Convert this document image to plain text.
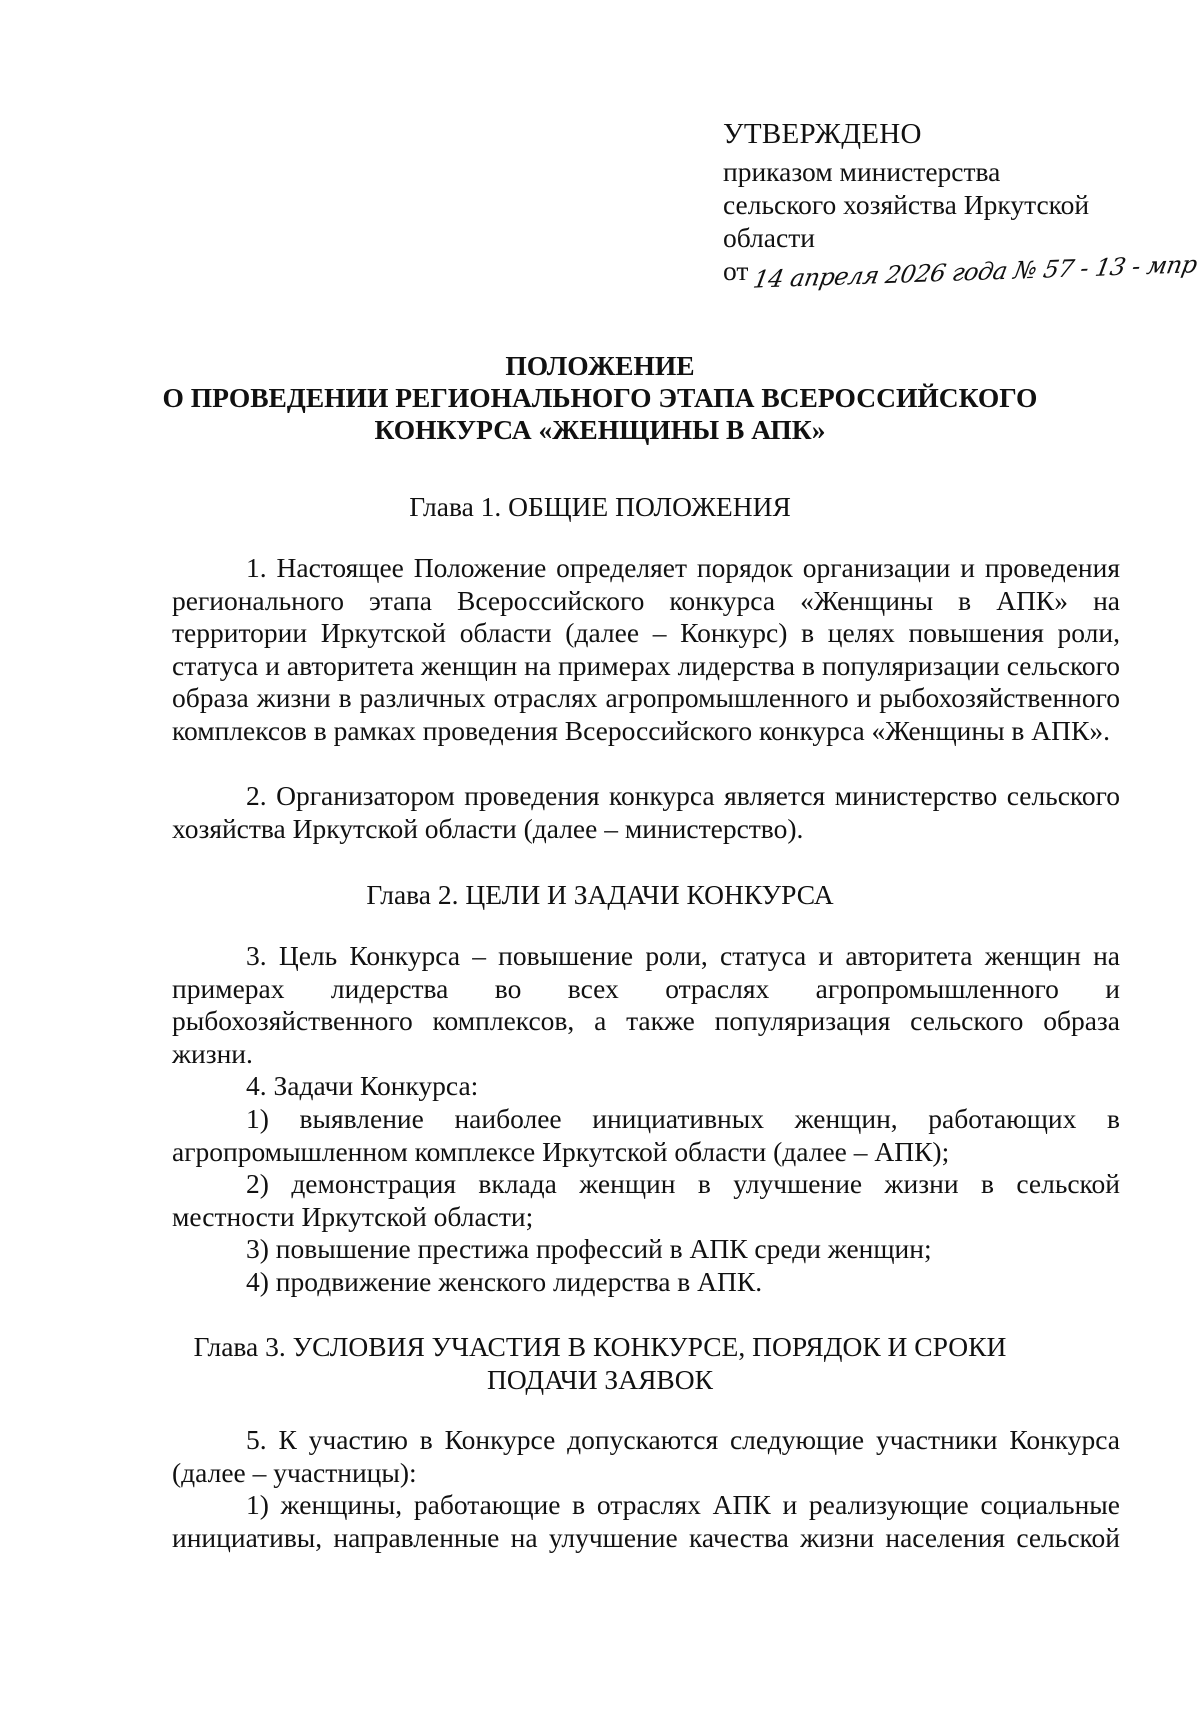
УТВЕРЖДЕНО
приказом министерства
сельского хозяйства Иркутской
области
от 14 апреля 2026 года № 57 - 13 - мпр
ПОЛОЖЕНИЕ
О ПРОВЕДЕНИИ РЕГИОНАЛЬНОГО ЭТАПА ВСЕРОССИЙСКОГО
КОНКУРСА «ЖЕНЩИНЫ В АПК»
Глава 1. ОБЩИЕ ПОЛОЖЕНИЯ
1. Настоящее Положение определяет порядок организации и проведения регионального этапа Всероссийского конкурса «Женщины в АПК» на территории Иркутской области (далее – Конкурс) в целях повышения роли, статуса и авторитета женщин на примерах лидерства в популяризации сельского образа жизни в различных отраслях агропромышленного и рыбохозяйственного комплексов в рамках проведения Всероссийского конкурса «Женщины в АПК».
2. Организатором проведения конкурса является министерство сельского хозяйства Иркутской области (далее – министерство).
Глава 2. ЦЕЛИ И ЗАДАЧИ КОНКУРСА
3. Цель Конкурса – повышение роли, статуса и авторитета женщин на примерах лидерства во всех отраслях агропромышленного и рыбохозяйственного комплексов, а также популяризация сельского образа жизни.
4. Задачи Конкурса:
1) выявление наиболее инициативных женщин, работающих в агропромышленном комплексе Иркутской области (далее – АПК);
2) демонстрация вклада женщин в улучшение жизни в сельской местности Иркутской области;
3) повышение престижа профессий в АПК среди женщин;
4) продвижение женского лидерства в АПК.
Глава 3. УСЛОВИЯ УЧАСТИЯ В КОНКУРСЕ, ПОРЯДОК И СРОКИ
ПОДАЧИ ЗАЯВОК
5. К участию в Конкурсе допускаются следующие участники Конкурса (далее – участницы):
1) женщины, работающие в отраслях АПК и реализующие социальные инициативы, направленные на улучшение качества жизни населения сельской
